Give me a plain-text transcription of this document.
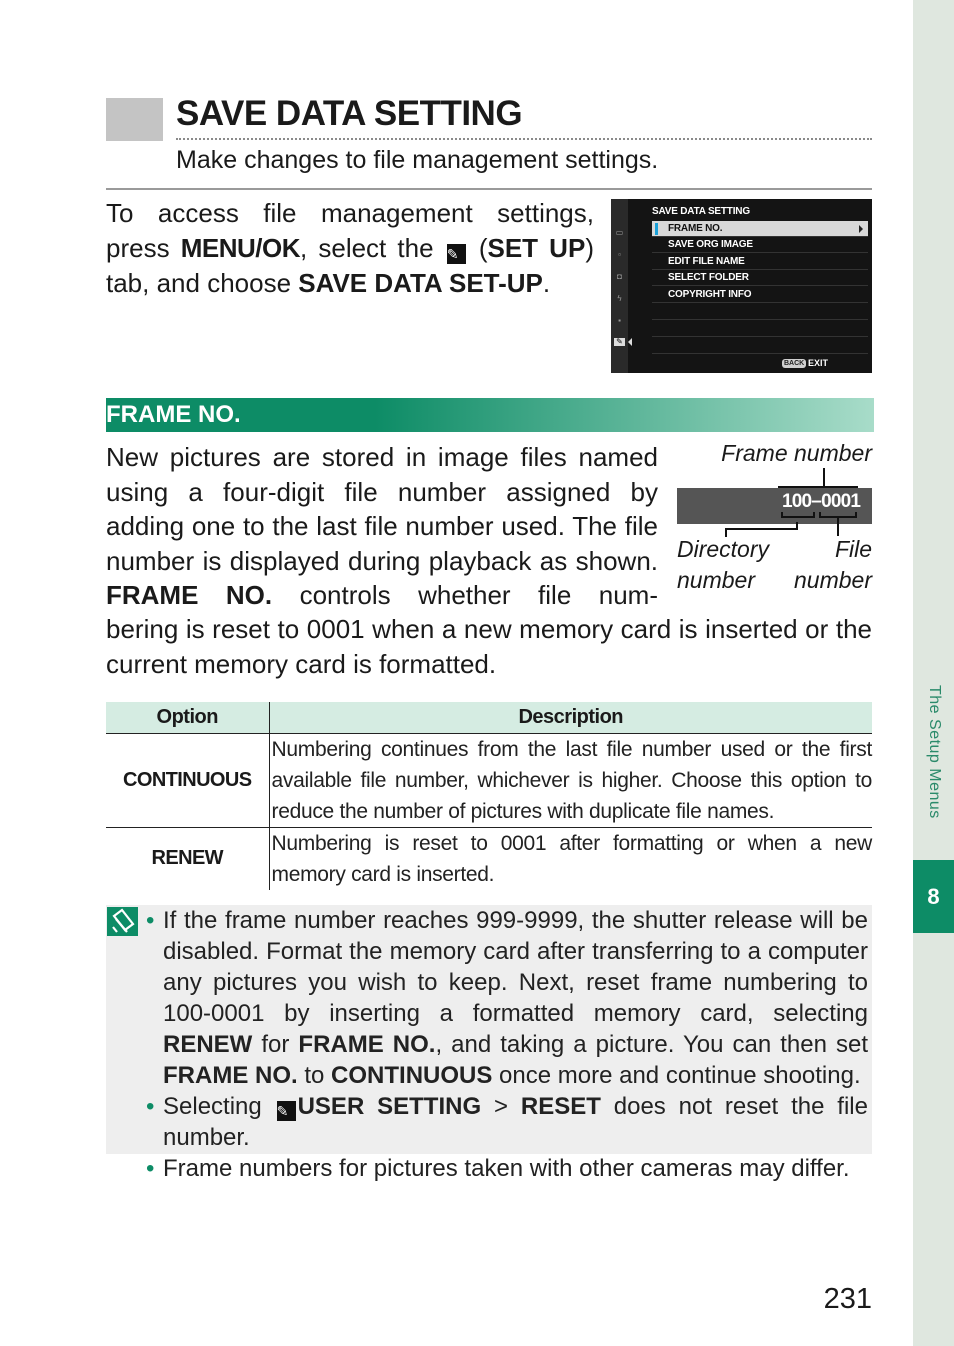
The Setup Menus
8
SAVE DATA SETTING
Make changes to file management settings.
To access file management settings, press MENU/OK, select the ✎ (SET UP) tab, and choose SAVE DATA SET-UP.
▭
▫
◘
ϟ
▪
✎
SAVE DATA SETTING
FRAME NO.
SAVE ORG IMAGE
EDIT FILE NAME
SELECT FOLDER
COPYRIGHT INFO
BACK EXIT
FRAME NO.
New pictures are stored in image files named using a four-digit file number assigned by adding one to the last file number used. The file number is displayed during playback as shown. FRAME NO. controls whether file num-
bering is reset to 0001 when a new memory card is inserted or the current memory card is formatted.
Frame number
100–0001
Directory
number
File
number
Option	Description
CONTINUOUS	Numbering continues from the last file number used or the first available file number, whichever is higher. Choose this option to reduce the number of pictures with duplicate file names.
RENEW	Numbering is reset to 0001 after formatting or when a new memory card is inserted.
• If the frame number reaches 999-9999, the shutter release will be disabled. Format the memory card after transferring to a computer any pictures you wish to keep. Next, reset frame numbering to 100-0001 by inserting a formatted memory card, selecting RENEW for FRAME NO., and taking a picture. You can then set FRAME NO. to CONTINUOUS once more and continue shooting.
• Selecting ✎ USER SETTING > RESET does not reset the file number.
• Frame numbers for pictures taken with other cameras may differ.
231
